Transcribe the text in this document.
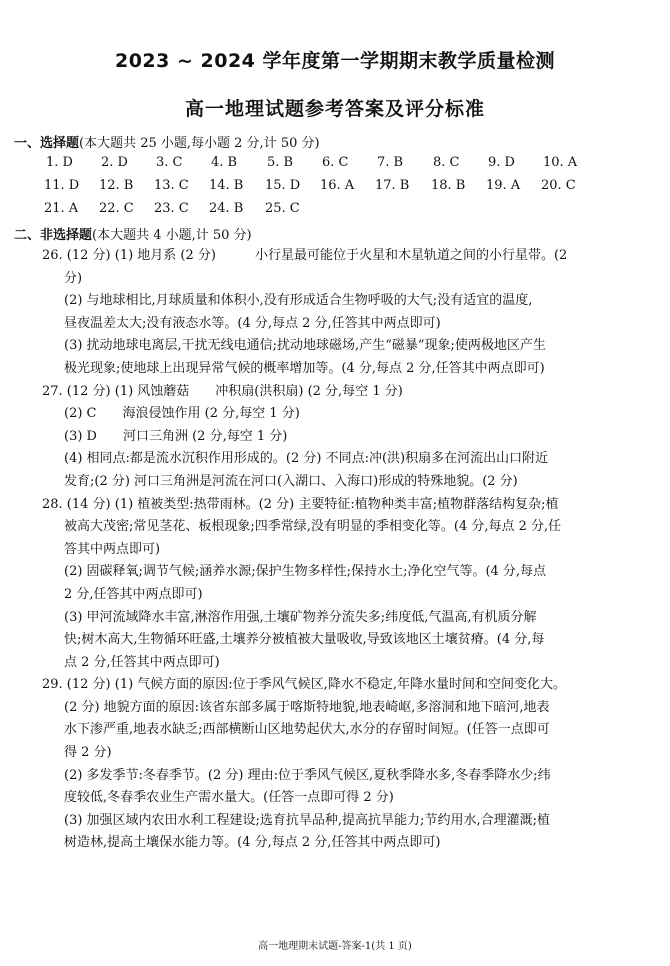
2023 ~ 2024 学年度第一学期期末教学质量检测
高一地理试题参考答案及评分标准
一、选择题(本大题共 25 小题,每小题 2 分,计 50 分)
1. D 2. D 3. C 4. B 5. B 6. C 7. B 8. C 9. D 10. A
11. D 12. B 13. C 14. B 15. D 16. A 17. B 18. B 19. A 20. C
21. A 22. C 23. C 24. B 25. C
二、非选择题(本大题共 4 小题,计 50 分)

26. (12 分) (1) 地月系 (2 分)　　　小行星最可能位于火星和木星轨道之间的小行星带。(2

分)

(2) 与地球相比,月球质量和体积小,没有形成适合生物呼吸的大气;没有适宜的温度,

昼夜温差太大;没有液态水等。(4 分,每点 2 分,任答其中两点即可)

(3) 扰动地球电离层,干扰无线电通信;扰动地球磁场,产生“磁暴”现象;使两极地区产生

极光现象;使地球上出现异常气候的概率增加等。(4 分,每点 2 分,任答其中两点即可)

27. (12 分) (1) 风蚀蘑菇　　冲积扇(洪积扇) (2 分,每空 1 分)

(2) C　　海浪侵蚀作用 (2 分,每空 1 分)

(3) D　　河口三角洲 (2 分,每空 1 分)

(4) 相同点:都是流水沉积作用形成的。(2 分) 不同点:冲(洪)积扇多在河流出山口附近

发育;(2 分) 河口三角洲是河流在河口(入湖口、入海口)形成的特殊地貌。(2 分)

28. (14 分) (1) 植被类型:热带雨林。(2 分) 主要特征:植物种类丰富;植物群落结构复杂;植

被高大茂密;常见茎花、板根现象;四季常绿,没有明显的季相变化等。(4 分,每点 2 分,任

答其中两点即可)

(2) 固碳释氧;调节气候;涵养水源;保护生物多样性;保持水土;净化空气等。(4 分,每点

2 分,任答其中两点即可)

(3) 甲河流域降水丰富,淋溶作用强,土壤矿物养分流失多;纬度低,气温高,有机质分解

快;树木高大,生物循环旺盛,土壤养分被植被大量吸收,导致该地区土壤贫瘠。(4 分,每

点 2 分,任答其中两点即可)

29. (12 分) (1) 气候方面的原因:位于季风气候区,降水不稳定,年降水量时间和空间变化大。

(2 分) 地貌方面的原因:该省东部多属于喀斯特地貌,地表崎岖,多溶洞和地下暗河,地表

水下渗严重,地表水缺乏;西部横断山区地势起伏大,水分的存留时间短。(任答一点即可

得 2 分)

(2) 多发季节:冬春季节。(2 分) 理由:位于季风气候区,夏秋季降水多,冬春季降水少;纬

度较低,冬春季农业生产需水量大。(任答一点即可得 2 分)

(3) 加强区域内农田水利工程建设;选育抗旱品种,提高抗旱能力;节约用水,合理灌溉;植

树造林,提高土壤保水能力等。(4 分,每点 2 分,任答其中两点即可)

高一地理期末试题-答案-1(共 1 页)
